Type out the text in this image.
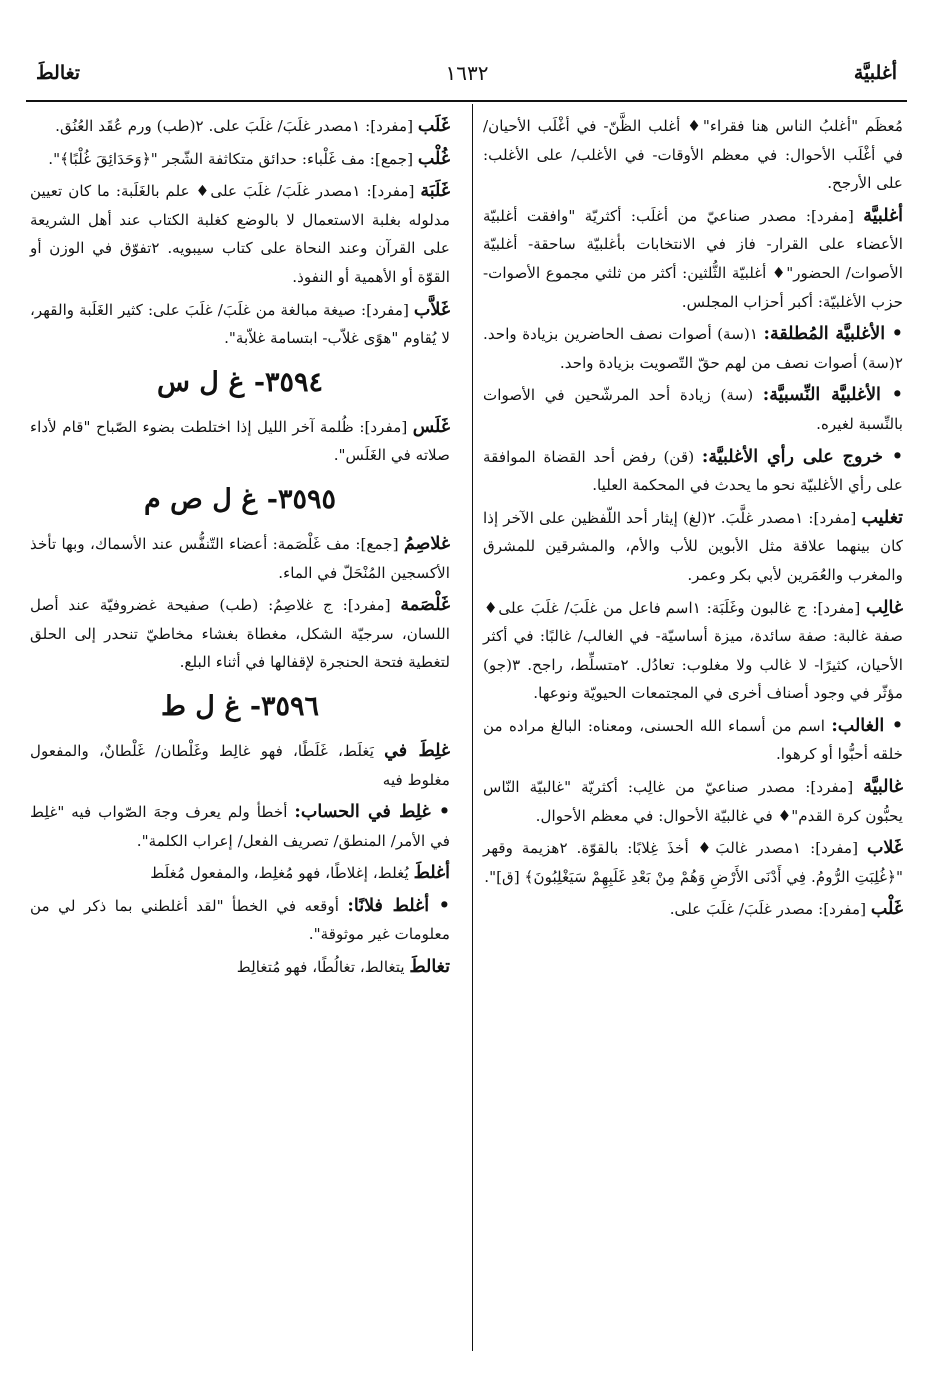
أغلبيَّة
١٦٣٢
تغالطَ
مُعظَم "أغلبُ الناس هنا فقراء"♦ أغلب الظَّنّ- في أغْلَب الأحيان/ في أغْلَب الأحوال: في معظم الأوقات- في الأغلب/ على الأغلب: على الأرجح.
أغلبيَّة [مفرد]: مصدر صناعيّ من أغلَب: أكثريّة "وافقت أغلبيّة الأعضاء على القرار- فاز في الانتخابات بأغلبيّة ساحقة- أغلبيّة الأصوات/ الحضور"♦ أغلبيّة الثُّلثين: أكثر من ثلثي مجموع الأصوات- حزب الأغلبيّة: أكبر أحزاب المجلس.
• الأغلبيَّة المُطلقة: ١(سة) أصوات نصف الحاضرين بزيادة واحد. ٢(سة) أصوات نصف من لهم حقّ التّصويت بزيادة واحد.
• الأغلبيَّة النِّسبيَّة: (سة) زيادة أحد المرشّحين في الأصوات بالنِّسبة لغيره.
• خروج على رأي الأغلبيَّة: (قن) رفض أحد القضاة الموافقة على رأي الأغلبيّة نحو ما يحدث في المحكمة العليا.
تغليب [مفرد]: ١مصدر غلَّبَ. ٢(لغ) إيثار أحد اللّفظين على الآخر إذا كان بينهما علاقة مثل الأبوين للأب والأم، والمشرقين للمشرق والمغرب والعُمَرين لأبي بكر وعمر.
غالِب [مفرد]: ج غالبون وغَلَبَة: ١اسم فاعل من غلَبَ/ غلَبَ على♦ صفة غالبة: صفة سائدة، ميزة أساسيّة- في الغالب/ غالبًا: في أكثر الأحيان، كثيرًا- لا غالب ولا مغلوب: تعادُل. ٢متسلِّط، راجح. ٣(جو) مؤثّر في وجود أصناف أخرى في المجتمعات الحيويّة ونوعها.
• الغالب: اسم من أسماء الله الحسنى، ومعناه: البالغ مراده من خلقه أحبُّوا أو كرهوا.
غالبيَّة [مفرد]: مصدر صناعيّ من غالِب: أكثريّة "غالبيّة النّاس يحبُّون كرة القدم"♦ في غالبيّة الأحوال: في معظم الأحوال.
غَلاب [مفرد]: ١مصدر غالبَ♦ أخذَ غِلابًا: بالقوّة. ٢هزيمة وقهر "﴿غُلِبَتِ الرُّومُ. فِي أَدْنَى الأَرْضِ وَهُمْ مِنْ بَعْدِ غَلَبِهِمْ سَيَغْلِبُونَ﴾ [ق]".
غَلْب [مفرد]: مصدر غلَبَ/ غلَبَ على.
غَلَب [مفرد]: ١مصدر غلَبَ/ غلَبَ على. ٢(طب) ورم عُقَد العُنُق.
غُلْب [جمع]: مف غَلْباء: حدائق متكاثفة الشّجر "﴿وَحَدَائِقَ غُلْبًا﴾".
غَلَبَة [مفرد]: ١مصدر غلَبَ/ غلَبَ على♦ علم بالغَلَبة: ما كان تعيين مدلوله بغلبة الاستعمال لا بالوضع كغلبة الكتاب عند أهل الشريعة على القرآن وعند النحاة على كتاب سيبويه. ٢تفوّق في الوزن أو القوّة أو الأهمية أو النفوذ.
غَلاَّب [مفرد]: صيغة مبالغة من غلَبَ/ غلَبَ على: كثير الغَلَبة والقهر، لا يُقاوم "هوًى غلاّب- ابتسامة غلاّبة".
٣٥٩٤- غ ل س
غَلَس [مفرد]: ظُلمة آخر الليل إذا اختلطت بضوء الصّباح "قام لأداء صلاته في الغَلَس".
٣٥٩٥- غ ل ص م
غلاصِمُ [جمع]: مف غَلْصَمة: أعضاء التّنفُّس عند الأسماك، وبها تأخذ الأكسجين المُنْحَلّ في الماء.
غَلْصَمة [مفرد]: ج غلاصِمُ: (طب) صفيحة غضروفيّة عند أصل اللسان، سرجيّة الشكل، مغطاة بغشاء مخاطيّ تنحدر إلى الحلق لتغطية فتحة الحنجرة لإقفالها في أثناء البلع.
٣٥٩٦- غ ل ط
غلِطَ في يَغلَط، غَلَطًا، فهو غالِط وغَلْطان/ غَلْطانٌ، والمفعول مغلوط فيه
• غلِط في الحساب: أخطأ ولم يعرف وجهَ الصّواب فيه "غلِط في الأمر/ المنطق/ تصريف الفعل/ إعراب الكلمة".
أغلطَ يُغلط، إغلاطًا، فهو مُغلِط، والمفعول مُغلَط
• أغلط فلانًا: أوقعه في الخطأ "لقد أغلطني بما ذكر لي من معلومات غير موثوقة".
تغالطَ يتغالط، تغالُطًا، فهو مُتغالِط
